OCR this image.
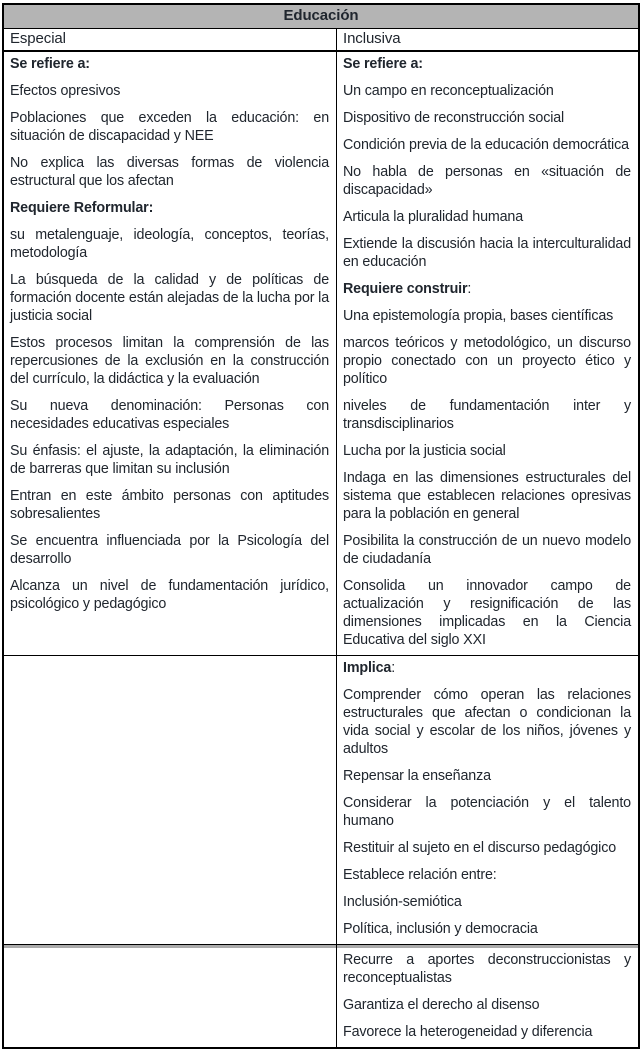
Educación
Especial	Inclusiva

Se refiere a:

Efectos opresivos

Poblaciones que exceden la educación: en situación de discapacidad y NEE

No explica las diversas formas de violencia estructural que los afectan

Requiere Reformular:

su metalenguaje, ideología, conceptos, teorías, metodología

La búsqueda de la calidad y de políticas de formación docente están alejadas de la lucha por la justicia social

Estos procesos limitan la comprensión de las repercusiones de la exclusión en la construcción del currículo, la didáctica y la evaluación

Su nueva denominación: Personas con necesidades educativas especiales

Su énfasis: el ajuste, la adaptación, la eliminación de barreras que limitan su inclusión

Entran en este ámbito personas con aptitudes sobresalientes

Se encuentra influenciada por la Psicología del desarrollo

Alcanza un nivel de fundamentación jurídico, psicológico y pedagógico

Se refiere a:

Un campo en reconceptualización

Dispositivo de reconstrucción social

Condición previa de la educación democrática

No habla de personas en «situación de discapacidad»

Articula la pluralidad humana

Extiende la discusión hacia la interculturalidad en educación

Requiere construir:

Una epistemología propia, bases científicas

marcos teóricos y metodológico, un discurso propio conectado con un proyecto ético y político

niveles de fundamentación inter y transdisciplinarios

Lucha por la justicia social

Indaga en las dimensiones estructurales del sistema que establecen relaciones opresivas para la población en general

Posibilita la construcción de un nuevo modelo de ciudadanía

Consolida un innovador campo de actualización y resignificación de las dimensiones implicadas en la Ciencia Educativa del siglo XXI

Implica:

Comprender cómo operan las relaciones estructurales que afectan o condicionan la vida social y escolar de los niños, jóvenes y adultos

Repensar la enseñanza

Considerar la potenciación y el talento humano

Restituir al sujeto en el discurso pedagógico

Establece relación entre:

Inclusión-semiótica

Política, inclusión y democracia

Recurre a aportes deconstruccionistas y reconceptualistas

Garantiza el derecho al disenso

Favorece la heterogeneidad y diferencia
